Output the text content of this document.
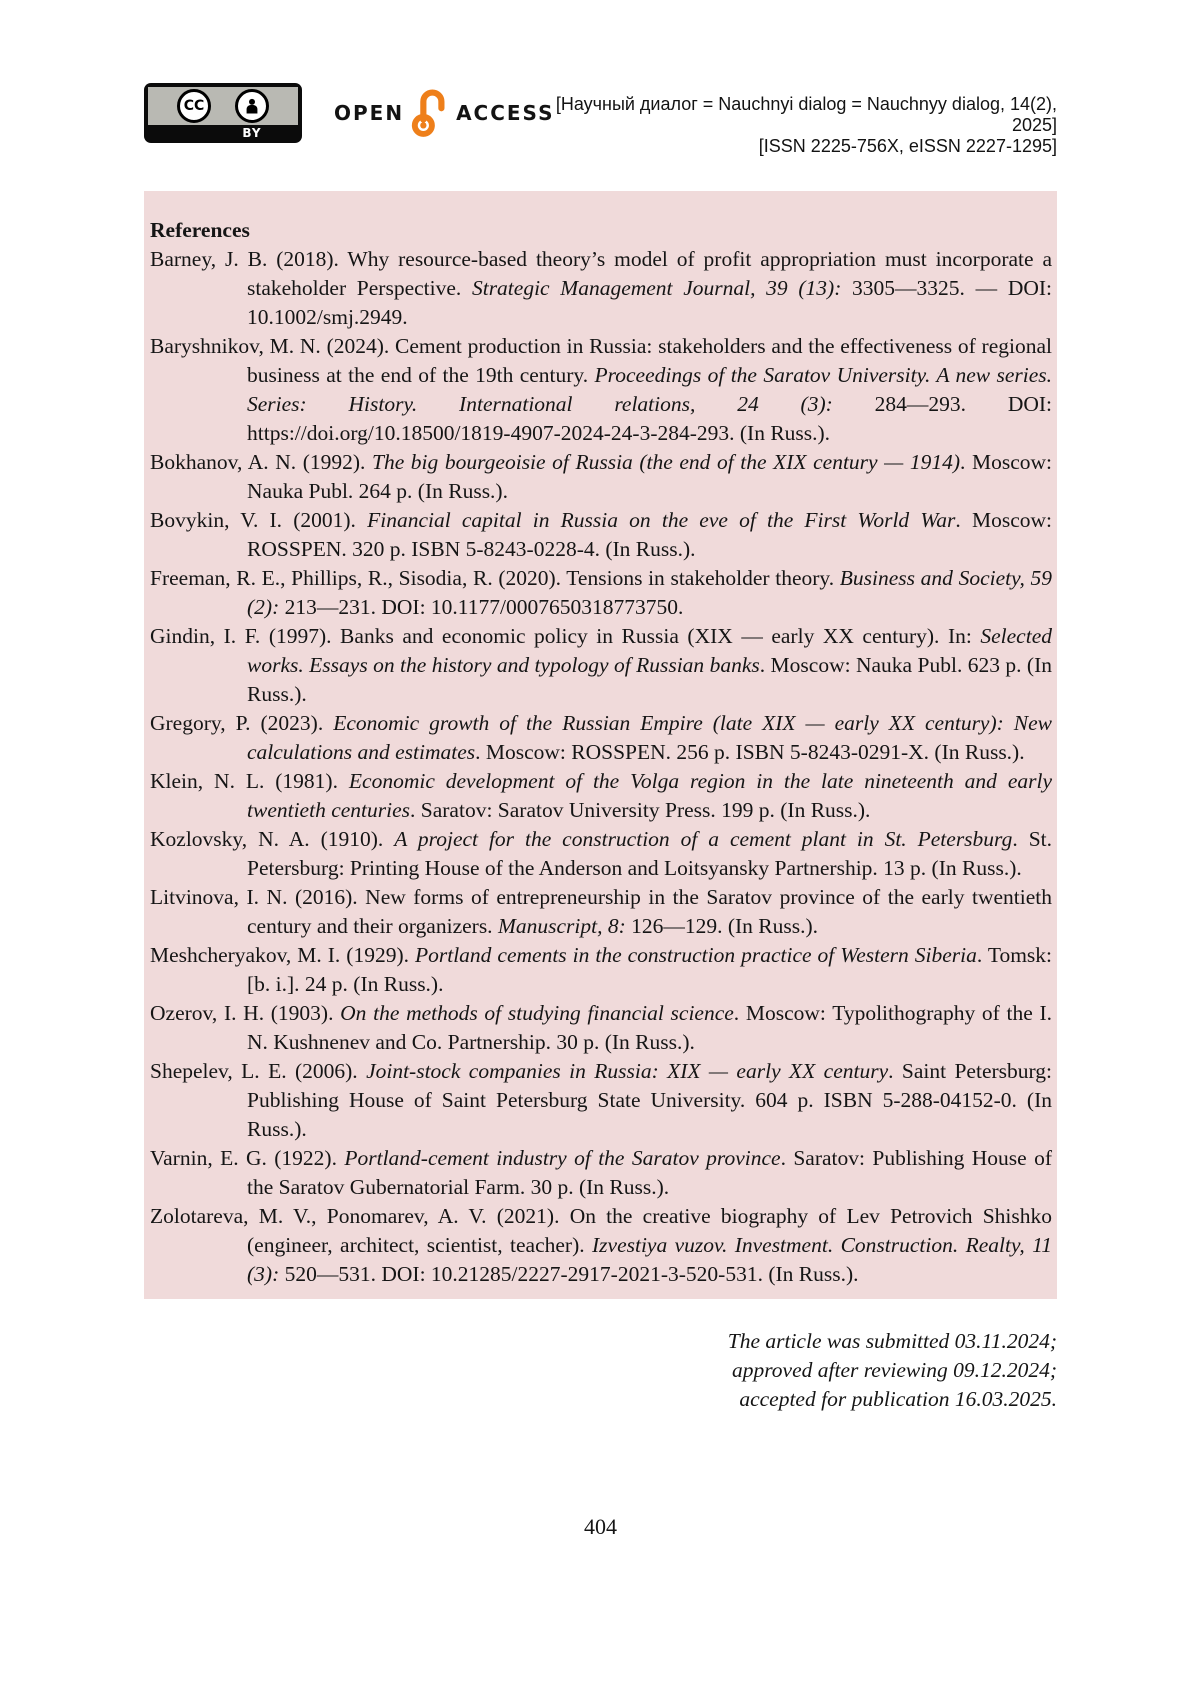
CC
BY
OPEN	ACCESS [Научный диалог = Nauchnyi dialog = Nauchnyy dialog, 14(2), 2025]
[ISSN 2225-756X, eISSN 2227-1295]
References

Barney, J. B. (2018). Why resource-based theory’s model of profit appropriation must incorporate a stakeholder Perspective. Strategic Management Journal, 39 (13): 3305—3325. — DOI: 10.1002/smj.2949.

Baryshnikov, M. N. (2024). Cement production in Russia: stakeholders and the effectiveness of regional business at the end of the 19th century. Proceedings of the Saratov University. A new series. Series: History. International relations, 24 (3): 284—293. DOI: https://doi.org/10.18500/1819-4907-2024-24-3-284-293. (In Russ.).

Bokhanov, A. N. (1992). The big bourgeoisie of Russia (the end of the XIX century — 1914). Moscow: Nauka Publ. 264 p. (In Russ.).

Bovykin, V. I. (2001). Financial capital in Russia on the eve of the First World War. Moscow: ROSSPEN. 320 p. ISBN 5-8243-0228-4. (In Russ.).

Freeman, R. E., Phillips, R., Sisodia, R. (2020). Tensions in stakeholder theory. Business and Society, 59 (2): 213—231. DOI: 10.1177/0007650318773750.

Gindin, I. F. (1997). Banks and economic policy in Russia (XIX — early XX century). In: Selected works. Essays on the history and typology of Russian banks. Moscow: Nauka Publ. 623 p. (In Russ.).

Gregory, P. (2023). Economic growth of the Russian Empire (late XIX — early XX century): New calculations and estimates. Moscow: ROSSPEN. 256 p. ISBN 5-8243-0291-X. (In Russ.).

Klein, N. L. (1981). Economic development of the Volga region in the late nineteenth and early twentieth centuries. Saratov: Saratov University Press. 199 p. (In Russ.).

Kozlovsky, N. A. (1910). A project for the construction of a cement plant in St. Petersburg. St. Petersburg: Printing House of the Anderson and Loitsyansky Partnership. 13 p. (In Russ.).

Litvinova, I. N. (2016). New forms of entrepreneurship in the Saratov province of the early twentieth century and their organizers. Manuscript, 8: 126—129. (In Russ.).

Meshcheryakov, M. I. (1929). Portland cements in the construction practice of Western Siberia. Tomsk: [b. i.]. 24 p. (In Russ.).

Ozerov, I. H. (1903). On the methods of studying financial science. Moscow: Typolithography of the I. N. Kushnenev and Co. Partnership. 30 p. (In Russ.).

Shepelev, L. E. (2006). Joint-stock companies in Russia: XIX — early XX century. Saint Petersburg: Publishing House of Saint Petersburg State University. 604 p. ISBN 5-288-04152-0. (In Russ.).

Varnin, E. G. (1922). Portland-cement industry of the Saratov province. Saratov: Publishing House of the Saratov Gubernatorial Farm. 30 p. (In Russ.).

Zolotareva, M. V., Ponomarev, A. V. (2021). On the creative biography of Lev Petrovich Shishko (engineer, architect, scientist, teacher). Izvestiya vuzov. Investment. Construction. Realty, 11 (3): 520—531. DOI: 10.21285/2227-2917-2021-3-520-531. (In Russ.).

The article was submitted 03.11.2024;
approved after reviewing 09.12.2024;
accepted for publication 16.03.2025.
404
